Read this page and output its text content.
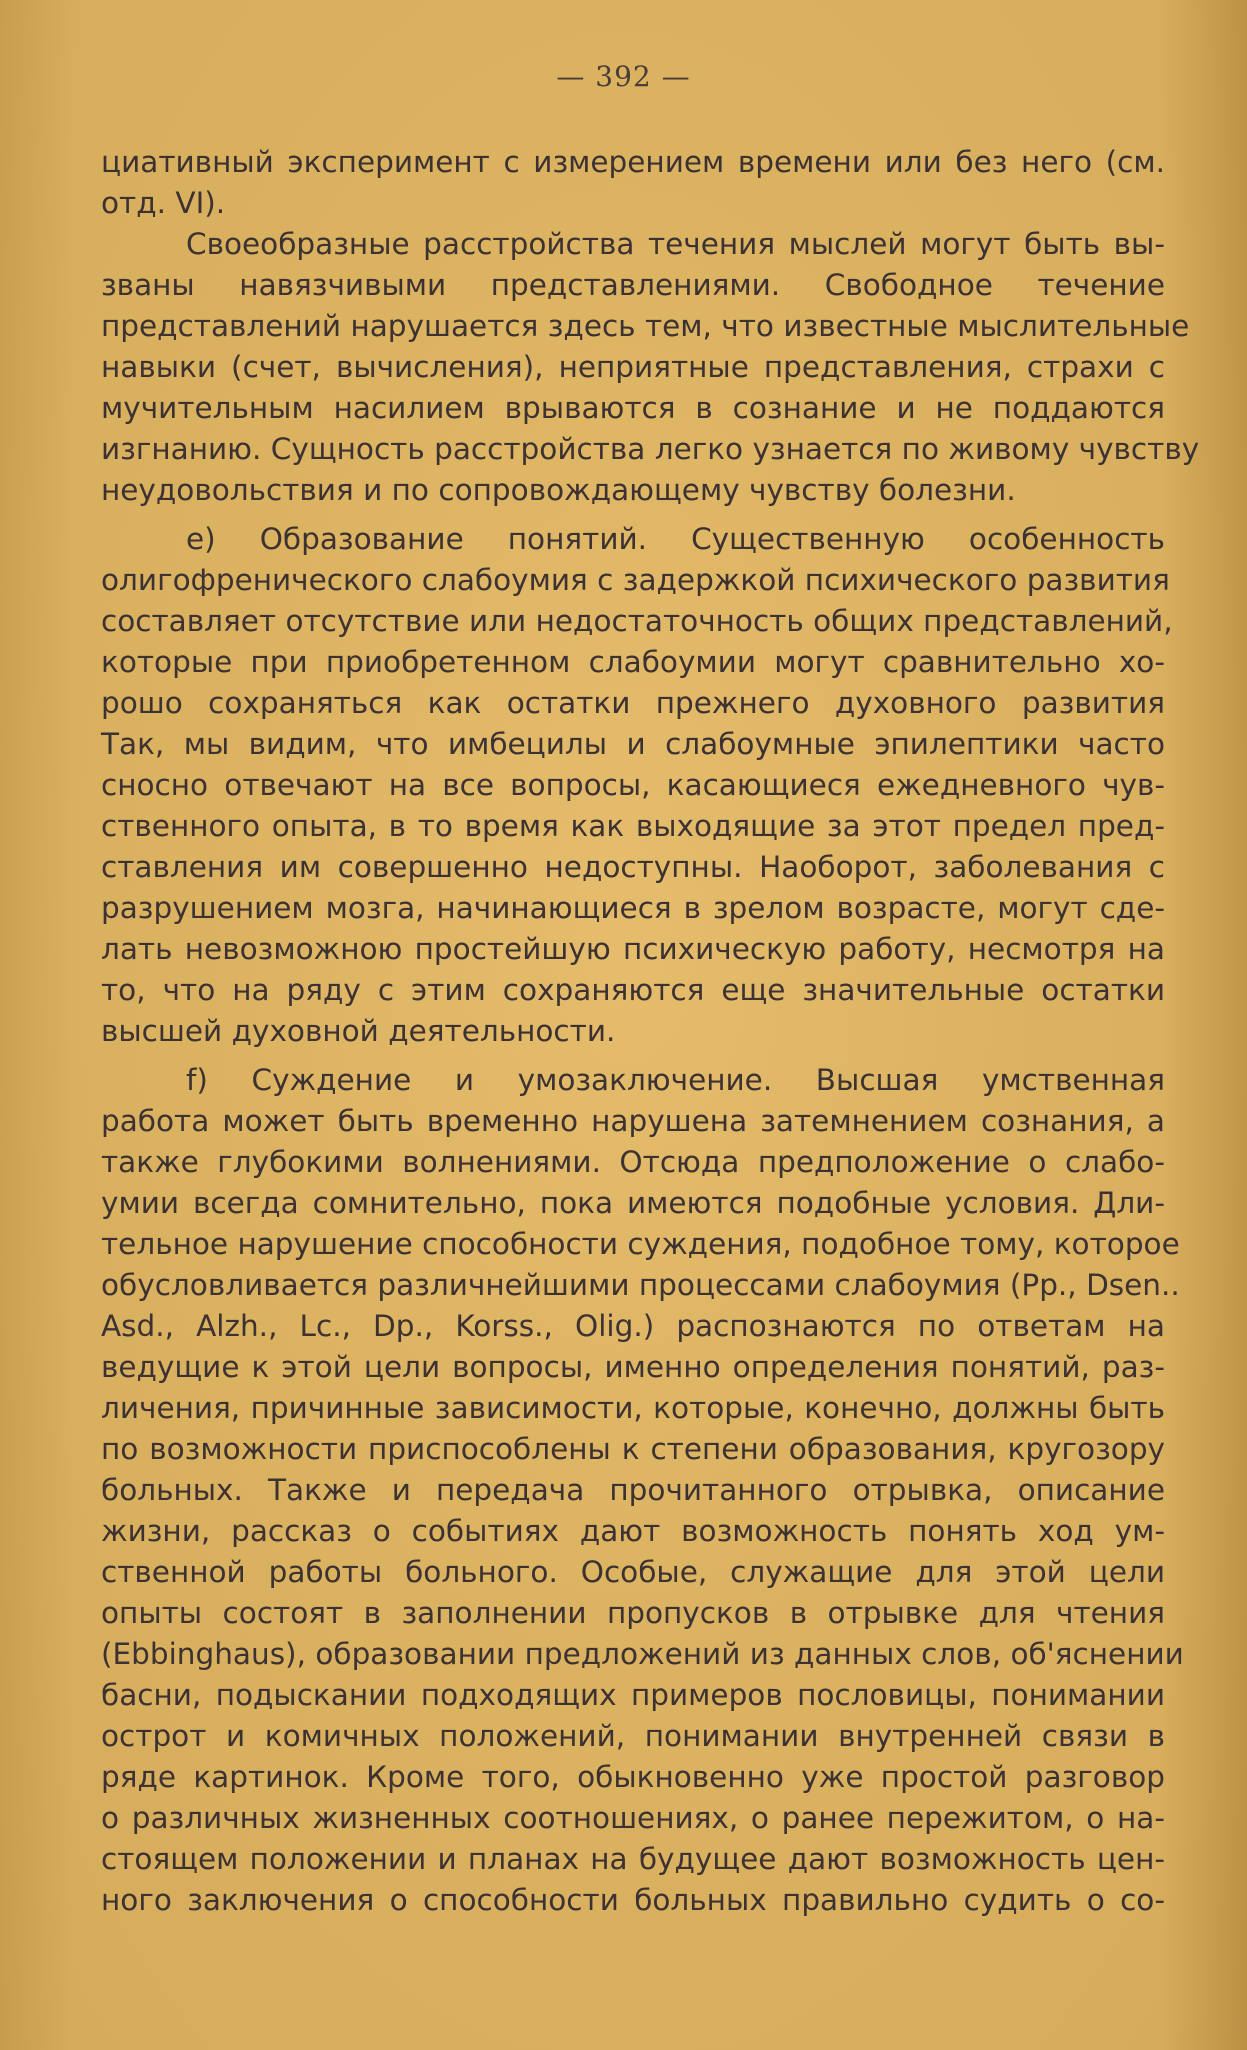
— 392 —
циативный эксперимент с измерением времени или без него (см.
отд. VI).
Своеобразные расстройства течения мыслей могут быть вы-
званы навязчивыми представлениями. Свободное течение
представлений нарушается здесь тем, что известные мыслительные
навыки (счет, вычисления), неприятные представления, страхи с
мучительным насилием врываются в сознание и не поддаются
изгнанию. Сущность расстройства легко узнается по живому чувству
неудовольствия и по сопровождающему чувству болезни.
e) Образование понятий. Существенную особенность
олигофренического слабоумия с задержкой психического развития
составляет отсутствие или недостаточность общих представлений,
которые при приобретенном слабоумии могут сравнительно хо-
рошо сохраняться как остатки прежнего духовного развития
Так, мы видим, что имбецилы и слабоумные эпилептики часто
сносно отвечают на все вопросы, касающиеся ежедневного чув-
ственного опыта, в то время как выходящие за этот предел пред-
ставления им совершенно недоступны. Наоборот, заболевания с
разрушением мозга, начинающиеся в зрелом возрасте, могут сде-
лать невозможною простейшую психическую работу, несмотря на
то, что на ряду с этим сохраняются еще значительные остатки
высшей духовной деятельности.
f) Суждение и умозаключение. Высшая умственная
работа может быть временно нарушена затемнением сознания, а
также глубокими волнениями. Отсюда предположение о слабо-
умии всегда сомнительно, пока имеются подобные условия. Дли-
тельное нарушение способности суждения, подобное тому, которое
обусловливается различнейшими процессами слабоумия (Pp., Dsen..
Asd., Alzh., Lc., Dp., Korss., Olig.) распознаются по ответам на
ведущие к этой цели вопросы, именно определения понятий, раз-
личения, причинные зависимости, которые, конечно, должны быть
по возможности приспособлены к степени образования, кругозору
больных. Также и передача прочитанного отрывка, описание
жизни, рассказ о событиях дают возможность понять ход ум-
ственной работы больного. Особые, служащие для этой цели
опыты состоят в заполнении пропусков в отрывке для чтения
(Ebbinghaus), образовании предложений из данных слов, об'яснении
басни, подыскании подходящих примеров пословицы, понимании
острот и комичных положений, понимании внутренней связи в
ряде картинок. Кроме того, обыкновенно уже простой разговор
о различных жизненных соотношениях, о ранее пережитом, о на-
стоящем положении и планах на будущее дают возможность цен-
ного заключения о способности больных правильно судить о со-
